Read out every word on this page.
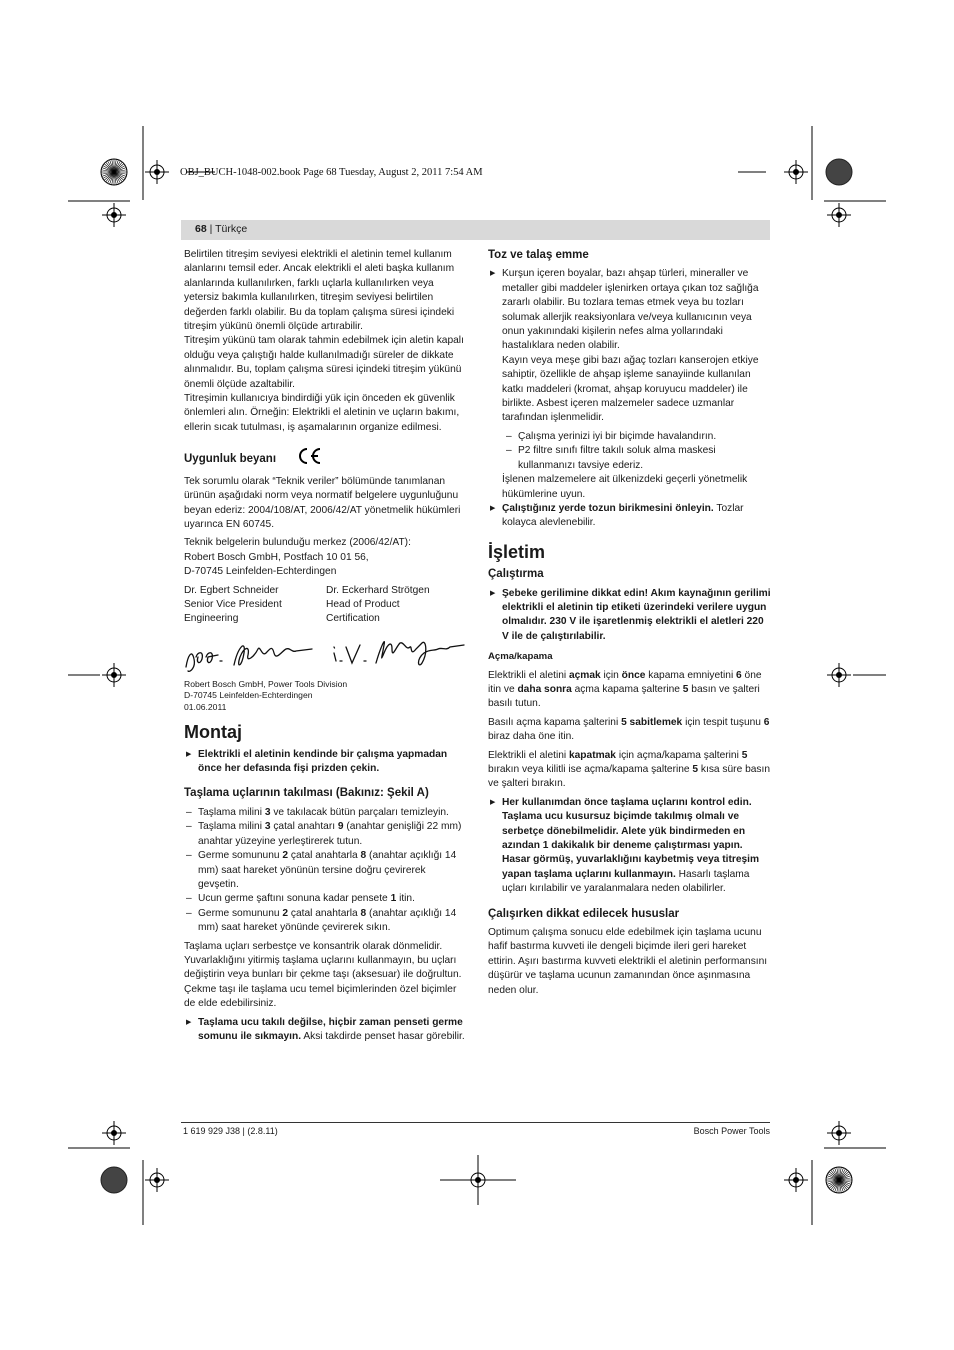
OBJ_BUCH-1048-002.book Page 68 Tuesday, August 2, 2011 7:54 AM
68 | Türkçe

Belirtilen titreşim seviyesi elektrikli el aletinin temel kullanım alanlarını temsil eder. Ancak elektrikli el aleti başka kullanım alanlarında kullanılırken, farklı uçlarla kullanılırken veya yetersiz bakımla kullanılırken, titreşim seviyesi belirtilen değerden farklı olabilir. Bu da toplam çalışma süresi içindeki titreşim yükünü önemli ölçüde artırabilir.

Titreşim yükünü tam olarak tahmin edebilmek için aletin kapalı olduğu veya çalıştığı halde kullanılmadığı süreler de dikkate alınmalıdır. Bu, toplam çalışma süresi içindeki titreşim yükünü önemli ölçüde azaltabilir.

Titreşimin kullanıcıya bindirdiği yük için önceden ek güvenlik önlemleri alın. Örneğin: Elektrikli el aletinin ve uçların bakımı, ellerin sıcak tutulması, iş aşamalarının organize edilmesi.

Uygunluk beyanı

Tek sorumlu olarak “Teknik veriler” bölümünde tanımlanan ürünün aşağıdaki norm veya normatif belgelere uygunluğunu beyan ederiz: 2004/108/AT, 2006/42/AT yönetmelik hükümleri uyarınca EN 60745.

Teknik belgelerin bulunduğu merkez (2006/42/AT):

Robert Bosch GmbH, Postfach 10 01 56,

D-70745 Leinfelden-Echterdingen

Dr. Egbert Schneider

Senior Vice President

Engineering

Dr. Eckerhard Strötgen

Head of Product

Certification

Robert Bosch GmbH, Power Tools Division

D-70745 Leinfelden-Echterdingen

01.06.2011

Montaj

▶ Elektrikli el aletinin kendinde bir çalışma yapmadan önce her defasında fişi prizden çekin.

Taşlama uçlarının takılması (Bakınız: Şekil A)

– Taşlama milini 3 ve takılacak bütün parçaları temizleyin.

– Taşlama milini 3 çatal anahtarı 9 (anahtar genişliği 22 mm) anahtar yüzeyine yerleştirerek tutun.

– Germe somununu 2 çatal anahtarla 8 (anahtar açıklığı 14 mm) saat hareket yönünün tersine doğru çevirerek gevşetin.

– Ucun germe şaftını sonuna kadar pensete 1 itin.

– Germe somununu 2 çatal anahtarla 8 (anahtar açıklığı 14 mm) saat hareket yönünde çevirerek sıkın.

Taşlama uçları serbestçe ve konsantrik olarak dönmelidir. Yuvarlaklığını yitirmiş taşlama uçlarını kullanmayın, bu uçları değiştirin veya bunları bir çekme taşı (aksesuar) ile doğrultun. Çekme taşı ile taşlama ucu temel biçimlerinden özel biçimler de elde edebilirsiniz.

▶ Taşlama ucu takılı değilse, hiçbir zaman penseti germe somunu ile sıkmayın. Aksi takdirde penset hasar görebilir.

Toz ve talaş emme

▶ Kurşun içeren boyalar, bazı ahşap türleri, mineraller ve metaller gibi maddeler işlenirken ortaya çıkan toz sağlığa zararlı olabilir. Bu tozlara temas etmek veya bu tozları solumak allerjik reaksiyonlara ve/veya kullanıcının veya onun yakınındaki kişilerin nefes alma yollarındaki hastalıklara neden olabilir.

Kayın veya meşe gibi bazı ağaç tozları kanserojen etkiye sahiptir, özellikle de ahşap işleme sanayiinde kullanılan katkı maddeleri (kromat, ahşap koruyucu maddeler) ile birlikte. Asbest içeren malzemeler sadece uzmanlar tarafından işlenmelidir.

– Çalışma yerinizi iyi bir biçimde havalandırın.

– P2 filtre sınıfı filtre takılı soluk alma maskesi kullanmanızı tavsiye ederiz.

İşlenen malzemelere ait ülkenizdeki geçerli yönetmelik hükümlerine uyun.

▶ Çalıştığınız yerde tozun birikmesini önleyin. Tozlar kolayca alevlenebilir.

İşletim
Çalıştırma

▶ Şebeke gerilimine dikkat edin! Akım kaynağının gerilimi elektrikli el aletinin tip etiketi üzerindeki verilere uygun olmalıdır. 230 V ile işaretlenmiş elektrikli el aletleri 220 V ile de çalıştırılabilir.

Açma/kapama

Elektrikli el aletini açmak için önce kapama emniyetini 6 öne itin ve daha sonra açma kapama şalterine 5 basın ve şalteri basılı tutun.

Basılı açma kapama şalterini 5 sabitlemek için tespit tuşunu 6 biraz daha öne itin.

Elektrikli el aletini kapatmak için açma/kapama şalterini 5 bırakın veya kilitli ise açma/kapama şalterine 5 kısa süre basın ve şalteri bırakın.

▶ Her kullanımdan önce taşlama uçlarını kontrol edin. Taşlama ucu kusursuz biçimde takılmış olmalı ve serbetçe dönebilmelidir. Alete yük bindirmeden en azından 1 dakikalık bir deneme çalıştırması yapın. Hasar görmüş, yuvarlaklığını kaybetmiş veya titreşim yapan taşlama uçlarını kullanmayın. Hasarlı taşlama uçları kırılabilir ve yaralanmalara neden olabilirler.

Çalışırken dikkat edilecek hususlar

Optimum çalışma sonucu elde edebilmek için taşlama ucunu hafif bastırma kuvveti ile dengeli biçimde ileri geri hareket ettirin. Aşırı bastırma kuvveti elektrikli el aletinin performansını düşürür ve taşlama ucunun zamanından önce aşınmasına neden olur.

1 619 929 J38 | (2.8.11)	Bosch Power Tools
